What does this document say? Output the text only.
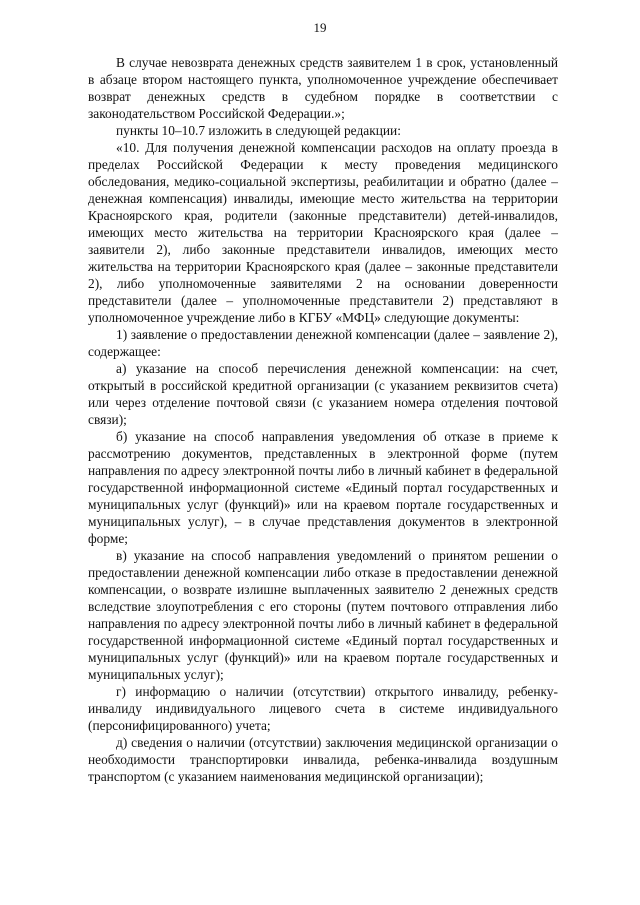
19

В случае невозврата денежных средств заявителем 1 в срок, установленный в абзаце втором настоящего пункта, уполномоченное учреждение обеспечивает возврат денежных средств в судебном порядке в соответствии с законодательством Российской Федерации.»;

пункты 10–10.7 изложить в следующей редакции:

«10. Для получения денежной компенсации расходов на оплату проезда в пределах Российской Федерации к месту проведения медицинского обследования, медико-социальной экспертизы, реабилитации и обратно (далее – денежная компенсация) инвалиды, имеющие место жительства на территории Красноярского края, родители (законные представители) детей-инвалидов, имеющих место жительства на территории Красноярского края (далее – заявители 2), либо законные представители инвалидов, имеющих место жительства на территории Красноярского края (далее – законные представители 2), либо уполномоченные заявителями 2 на основании доверенности представители (далее – уполномоченные представители 2) представляют в уполномоченное учреждение либо в КГБУ «МФЦ» следующие документы:

1) заявление о предоставлении денежной компенсации (далее – заявление 2), содержащее:

а) указание на способ перечисления денежной компенсации: на счет, открытый в российской кредитной организации (с указанием реквизитов счета) или через отделение почтовой связи (с указанием номера отделения почтовой связи);

б) указание на способ направления уведомления об отказе в приеме к рассмотрению документов, представленных в электронной форме (путем направления по адресу электронной почты либо в личный кабинет в федеральной государственной информационной системе «Единый портал государственных и муниципальных услуг (функций)» или на краевом портале государственных и муниципальных услуг), – в случае представления документов в электронной форме;

в) указание на способ направления уведомлений о принятом решении о предоставлении денежной компенсации либо отказе в предоставлении денежной компенсации, о возврате излишне выплаченных заявителю 2 денежных средств вследствие злоупотребления с его стороны (путем почтового отправления либо направления по адресу электронной почты либо в личный кабинет в федеральной государственной информационной системе «Единый портал государственных и муниципальных услуг (функций)» или на краевом портале государственных и муниципальных услуг);

г) информацию о наличии (отсутствии) открытого инвалиду, ребенку-инвалиду индивидуального лицевого счета в системе индивидуального (персонифицированного) учета;

д) сведения о наличии (отсутствии) заключения медицинской организации о необходимости транспортировки инвалида, ребенка-инвалида воздушным транспортом (с указанием наименования медицинской организации);
